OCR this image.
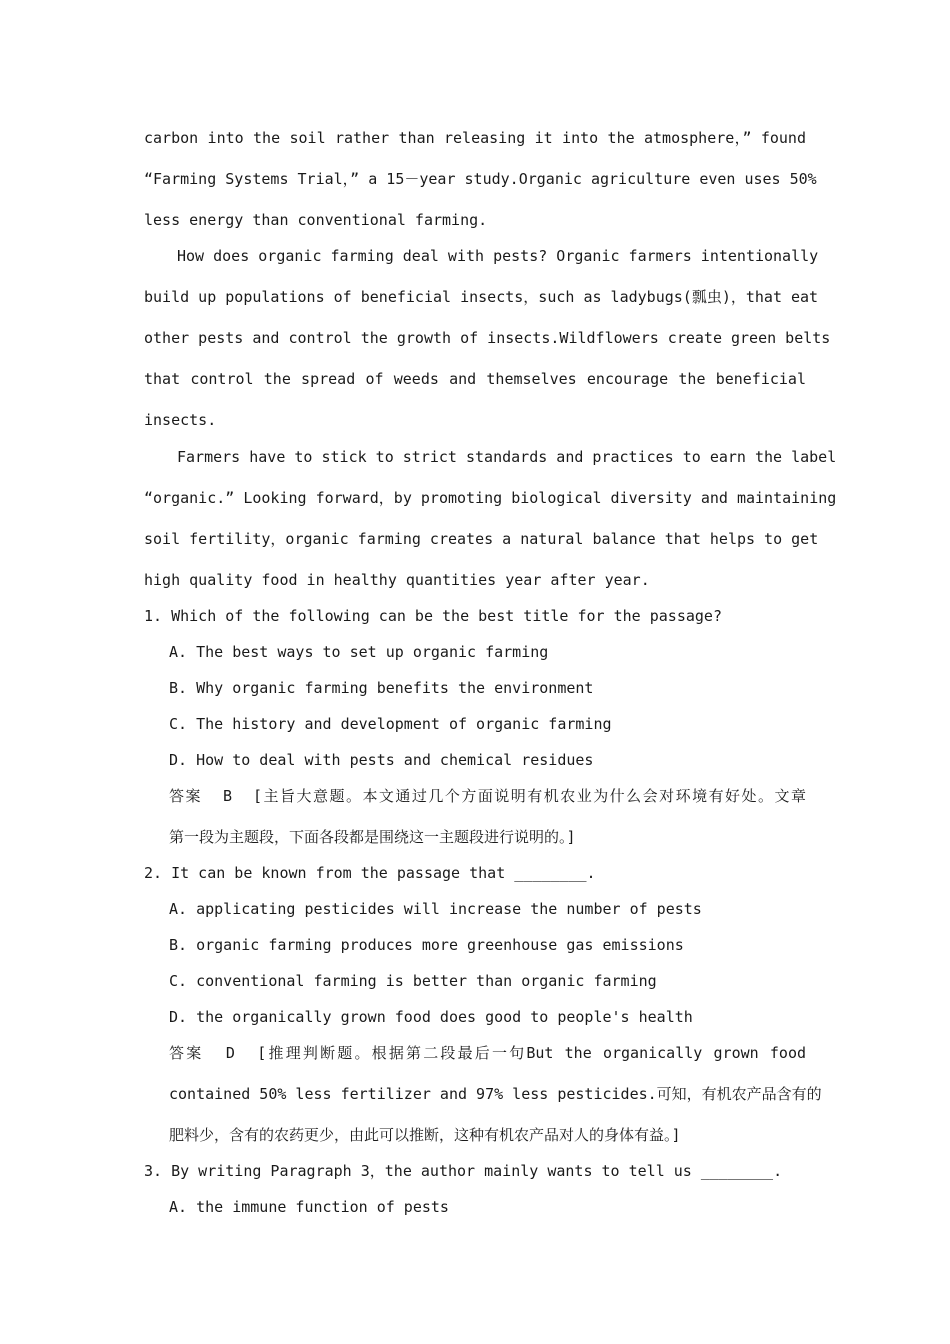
carbon into the soil rather than releasing it into the atmosphere，” found
“Farming Systems Trial，” a 15－year study.Organic agriculture even uses 50%
less energy than conventional farming.
How does organic farming deal with pests? Organic farmers intentionally
build up populations of beneficial insects，such as ladybugs(瓢虫)，that eat
other pests and control the growth of insects.Wildflowers create green belts
that control the spread of weeds and themselves encourage the beneficial
insects.
Farmers have to stick to strict standards and practices to earn the label
“organic.” Looking forward，by promoting biological diversity and maintaining
soil fertility，organic farming creates a natural balance that helps to get
high quality food in healthy quantities year after year.
1. Which of the following can be the best title for the passage?
A. The best ways to set up organic farming
B. Why organic farming benefits the environment
C. The history and development of organic farming
D. How to deal with pests and chemical residues
答案  B  [主旨大意题。本文通过几个方面说明有机农业为什么会对环境有好处。文章
第一段为主题段，下面各段都是围绕这一主题段进行说明的。]
2. It can be known from the passage that ________.
A. applicating pesticides will increase the number of pests
B. organic farming produces more greenhouse gas emissions
C. conventional farming is better than organic farming
D. the organically grown food does good to people's health
答案  D  [推理判断题。根据第二段最后一句But the organically grown food
contained 50% less fertilizer and 97% less pesticides.可知，有机农产品含有的
肥料少，含有的农药更少，由此可以推断，这种有机农产品对人的身体有益。]
3. By writing Paragraph 3，the author mainly wants to tell us ________.
A. the immune function of pests
